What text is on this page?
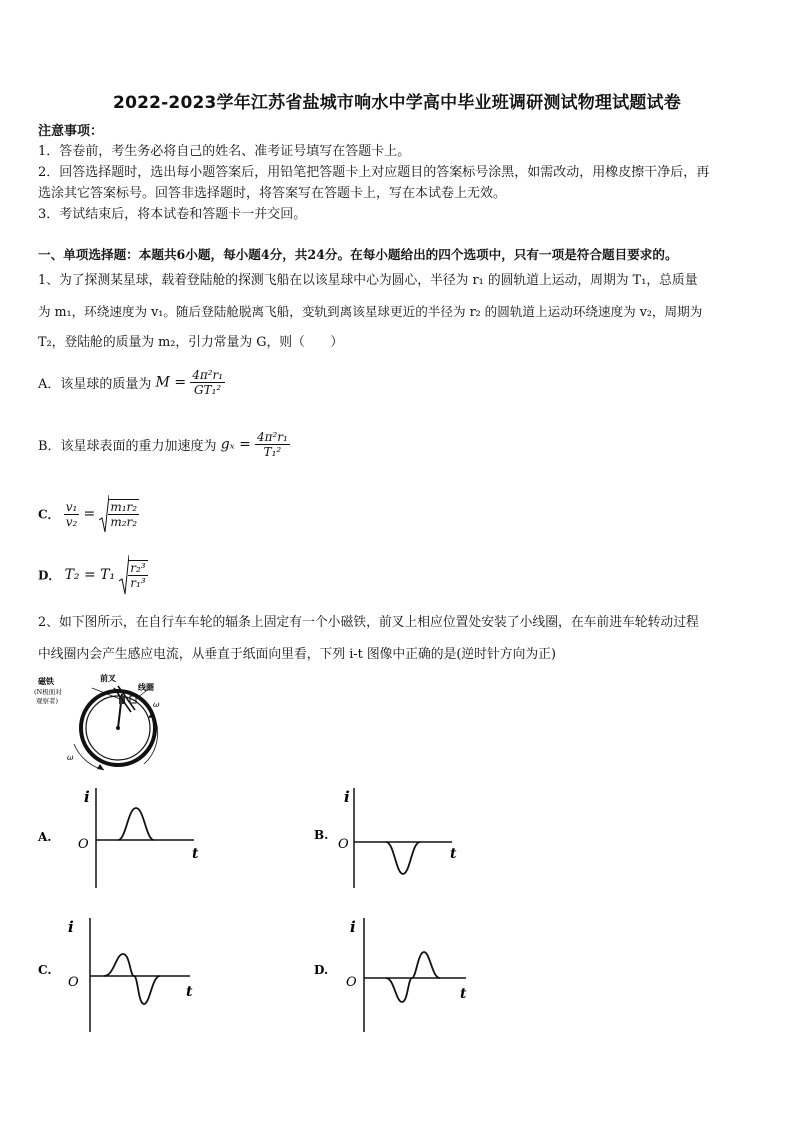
2022-2023学年江苏省盐城市响水中学高中毕业班调研测试物理试题试卷
注意事项：
1．答卷前，考生务必将自己的姓名、准考证号填写在答题卡上。
2．回答选择题时，选出每小题答案后，用铅笔把答题卡上对应题目的答案标号涂黑，如需改动，用橡皮擦干净后，再
选涂其它答案标号。回答非选择题时，将答案写在答题卡上，写在本试卷上无效。
3．考试结束后，将本试卷和答题卡一并交回。
一、单项选择题：本题共6小题，每小题4分，共24分。在每小题给出的四个选项中，只有一项是符合题目要求的。
1、为了探测某星球，载着登陆舱的探测飞船在以该星球中心为圆心，半径为 r₁ 的圆轨道上运动，周期为 T₁，总质量
为 m₁，环绕速度为 v₁。随后登陆舱脱离飞船，变轨到离该星球更近的半径为 r₂ 的圆轨道上运动环绕速度为 v₂，周期为
T₂，登陆舱的质量为 m₂，引力常量为 G，则（　　）
A．该星球的质量为 $M = \frac{\text{4π²r₁}}{\text{GT₁²}}$
B．该星球表面的重力加速度为 $g_x = \frac{\text{4π²r₁}}{\text{T₁²}}$
C． $\frac{\text{v₁}}{\text{v₂}} = \frac{\text{m₁r₂}}{\text{m₂r₂}}$
D． $T_2 = T_1 \frac{\text{r₂³}}{\text{r₁³}}$
2、如下图所示，在自行车车轮的辐条上固定有一个小磁铁，前叉上相应位置处安装了小线圈，在车前进车轮转动过程
中线圈内会产生感应电流，从垂直于纸面向里看，下列 i-t 图像中正确的是(逆时针方向为正)
磁铁
(N极面对
观察者)
前叉
线圈
ω
ω
A.
i
O
t
B.
i
O
t
C.
i
O
t
D.
i
O
t
